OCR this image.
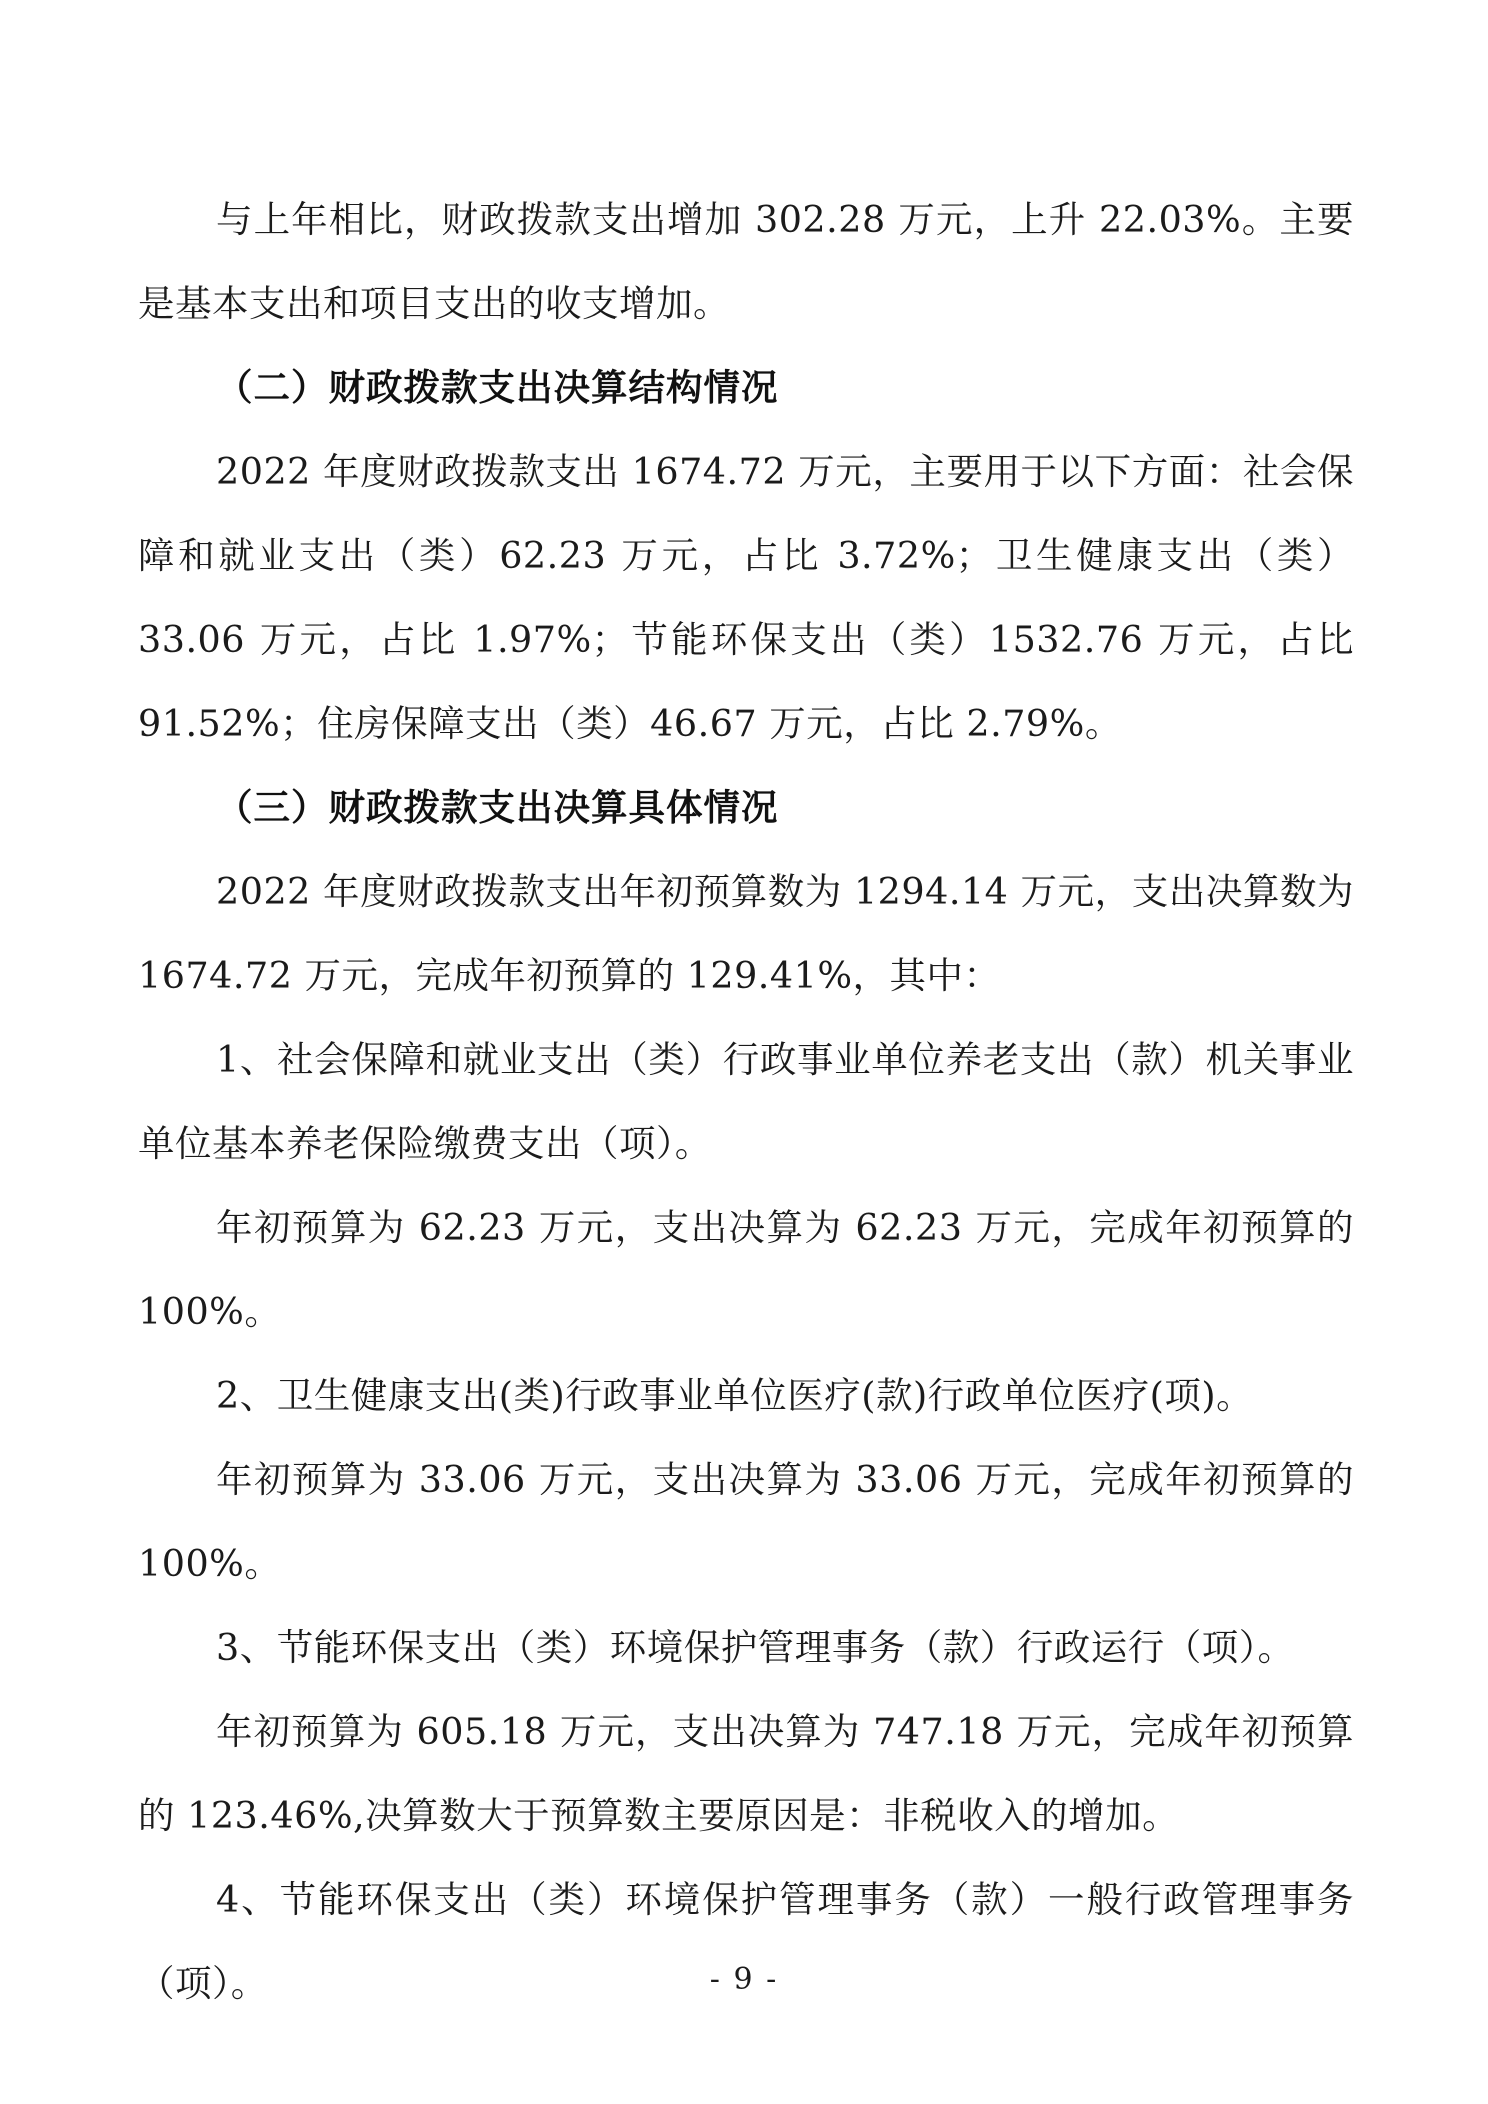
与上年相比，财政拨款支出增加 302.28 万元，上升 22.03%。主要是基本支出和项目支出的收支增加。

（二）财政拨款支出决算结构情况

2022 年度财政拨款支出 1674.72 万元，主要用于以下方面：社会保障和就业支出（类）62.23 万元，占比 3.72%；卫生健康支出（类）33.06 万元，占比 1.97%；节能环保支出（类）1532.76 万元，占比 91.52%；住房保障支出（类）46.67 万元，占比 2.79%。

（三）财政拨款支出决算具体情况

2022 年度财政拨款支出年初预算数为 1294.14 万元，支出决算数为 1674.72 万元，完成年初预算的 129.41%，其中：

1、社会保障和就业支出（类）行政事业单位养老支出（款）机关事业单位基本养老保险缴费支出（项）。

年初预算为 62.23 万元，支出决算为 62.23 万元，完成年初预算的 100%。

2、卫生健康支出(类)行政事业单位医疗(款)行政单位医疗(项)。

年初预算为 33.06 万元，支出决算为 33.06 万元，完成年初预算的 100%。

3、节能环保支出（类）环境保护管理事务（款）行政运行（项）。

年初预算为 605.18 万元，支出决算为 747.18 万元，完成年初预算的 123.46%,决算数大于预算数主要原因是：非税收入的增加。

4、节能环保支出（类）环境保护管理事务（款）一般行政管理事务（项）。	- 9 -
